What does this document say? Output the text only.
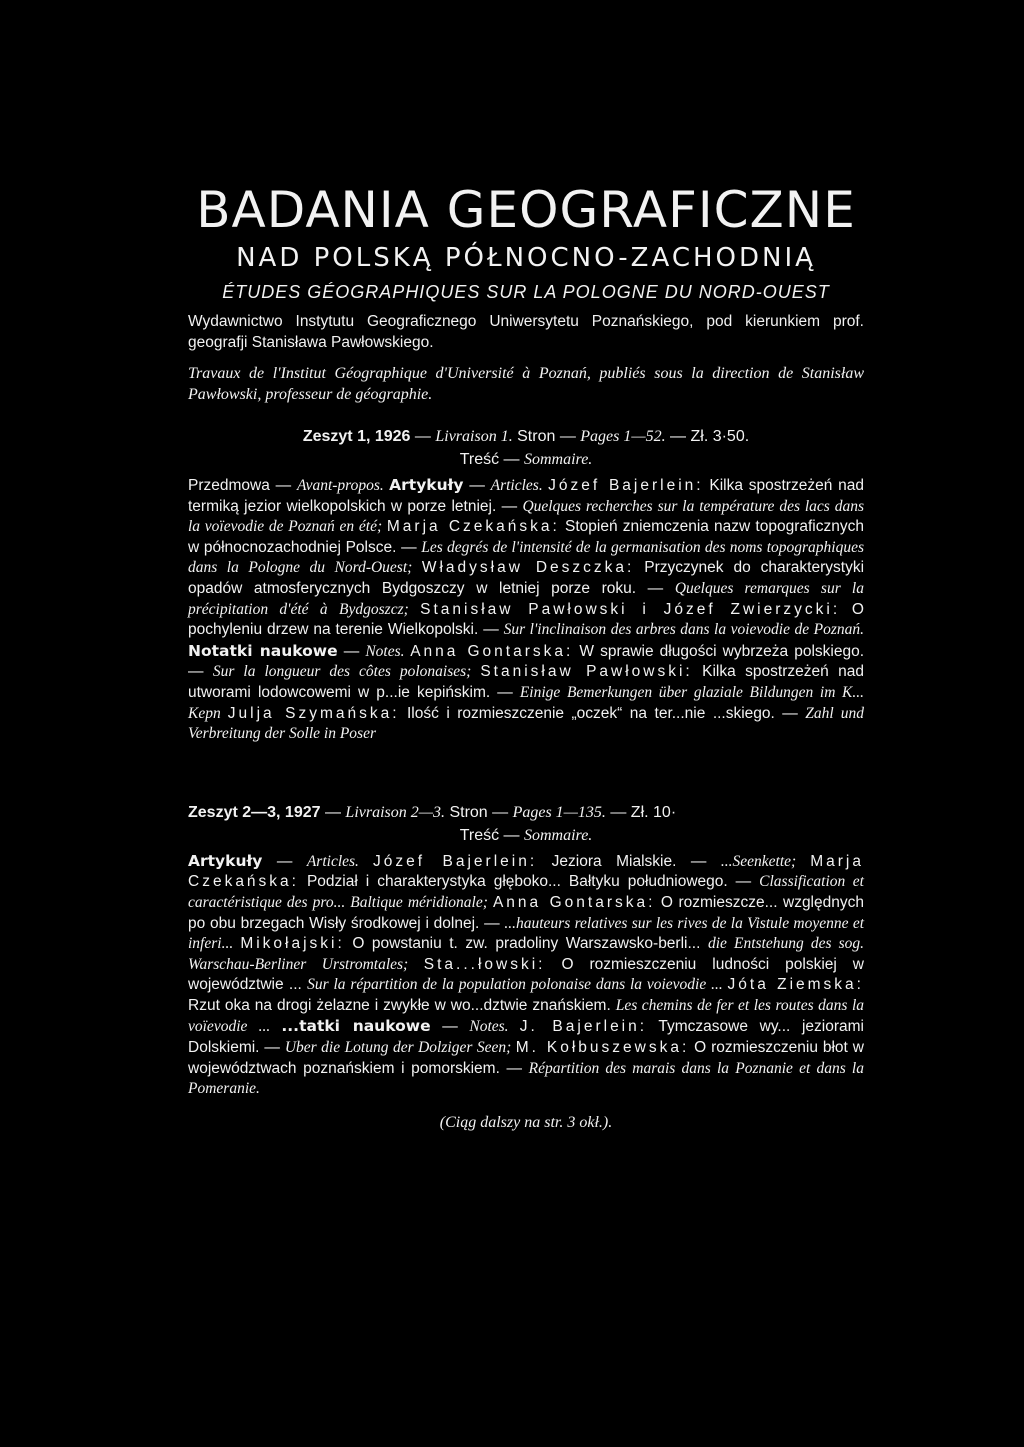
BADANIA GEOGRAFICZNE
NAD POLSKĄ PÓŁNOCNO-ZACHODNIĄ
ÉTUDES GÉOGRAPHIQUES SUR LA POLOGNE DU NORD-OUEST

Wydawnictwo Instytutu Geograficznego Uniwersytetu Poznańskiego, pod kierunkiem prof. geografji Stanisława Pawłowskiego.

Travaux de l'Institut Géographique d'Université à Poznań, publiés sous la direction de Stanisław Pawłowski, professeur de géographie.

Zeszyt 1, 1926 — Livraison 1. Stron — Pages 1—52. — Zł. 3·50.

Treść — Sommaire.

Przedmowa — Avant-propos. Artykuły — Articles. Józef Bajerlein: Kilka spostrzeżeń nad termiką jezior wielkopolskich w porze letniej. — Quelques recherches sur la température des lacs dans la voïevodie de Poznań en été; Marja Czekańska: Stopień zniemczenia nazw topograficznych w północnozachodniej Polsce. — Les degrés de l'intensité de la germanisation des noms topographiques dans la Pologne du Nord-Ouest; Władysław Deszczka: Przyczynek do charakterystyki opadów atmosferycznych Bydgoszczy w letniej porze roku. — Quelques remarques sur la précipitation d'été à Bydgoszcz; Stanisław Pawłowski i Józef Zwierzycki: O pochyleniu drzew na terenie Wielkopolski. — Sur l'inclinaison des arbres dans la voievodie de Poznań. Notatki naukowe — Notes. Anna Gontarska: W sprawie długości wybrzeża polskiego. — Sur la longueur des côtes polonaises; Stanisław Pawłowski: Kilka spostrzeżeń nad utworami lodowcowemi w p...ie kepińskim. — Einige Bemerkungen über glaziale Bildungen im K... Kepn Julja Szymańska: Ilość i rozmieszczenie „oczek“ na ter...nie ...skiego. — Zahl und Verbreitung der Solle in Poser

Zeszyt 2—3, 1927 — Livraison 2—3. Stron — Pages 1—135. — Zł. 10·

Treść — Sommaire.

Artykuły — Articles. Józef Bajerlein: Jeziora Mialskie. — ...Seenkette; Marja Czekańska: Podział i charakterystyka głęboko... Bałtyku południowego. — Classification et caractéristique des pro... Baltique méridionale; Anna Gontarska: O rozmieszcze... względnych po obu brzegach Wisły środkowej i dolnej. — ...hauteurs relatives sur les rives de la Vistule moyenne et inferi... Mikołajski: O powstaniu t. zw. pradoliny Warszawsko-berli... die Entstehung des sog. Warschau-Berliner Urstromtales; Sta...łowski: O rozmieszczeniu ludności polskiej w województwie ... Sur la répartition de la population polonaise dans la voievodie ... Jóta Ziemska: Rzut oka na drogi żelazne i zwykłe w wo...dztwie znańskiem. Les chemins de fer et les routes dans la voïevodie ... ...tatki naukowe — Notes. J. Bajerlein: Tymczasowe wy... jeziorami Dolskiemi. — Uber die Lotung der Dolziger Seen; M. Kołbuszewska: O rozmieszczeniu błot w województwach poznańskiem i pomorskiem. — Répartition des marais dans la Poznanie et dans la Pomeranie.

(Ciąg dalszy na str. 3 okł.).
